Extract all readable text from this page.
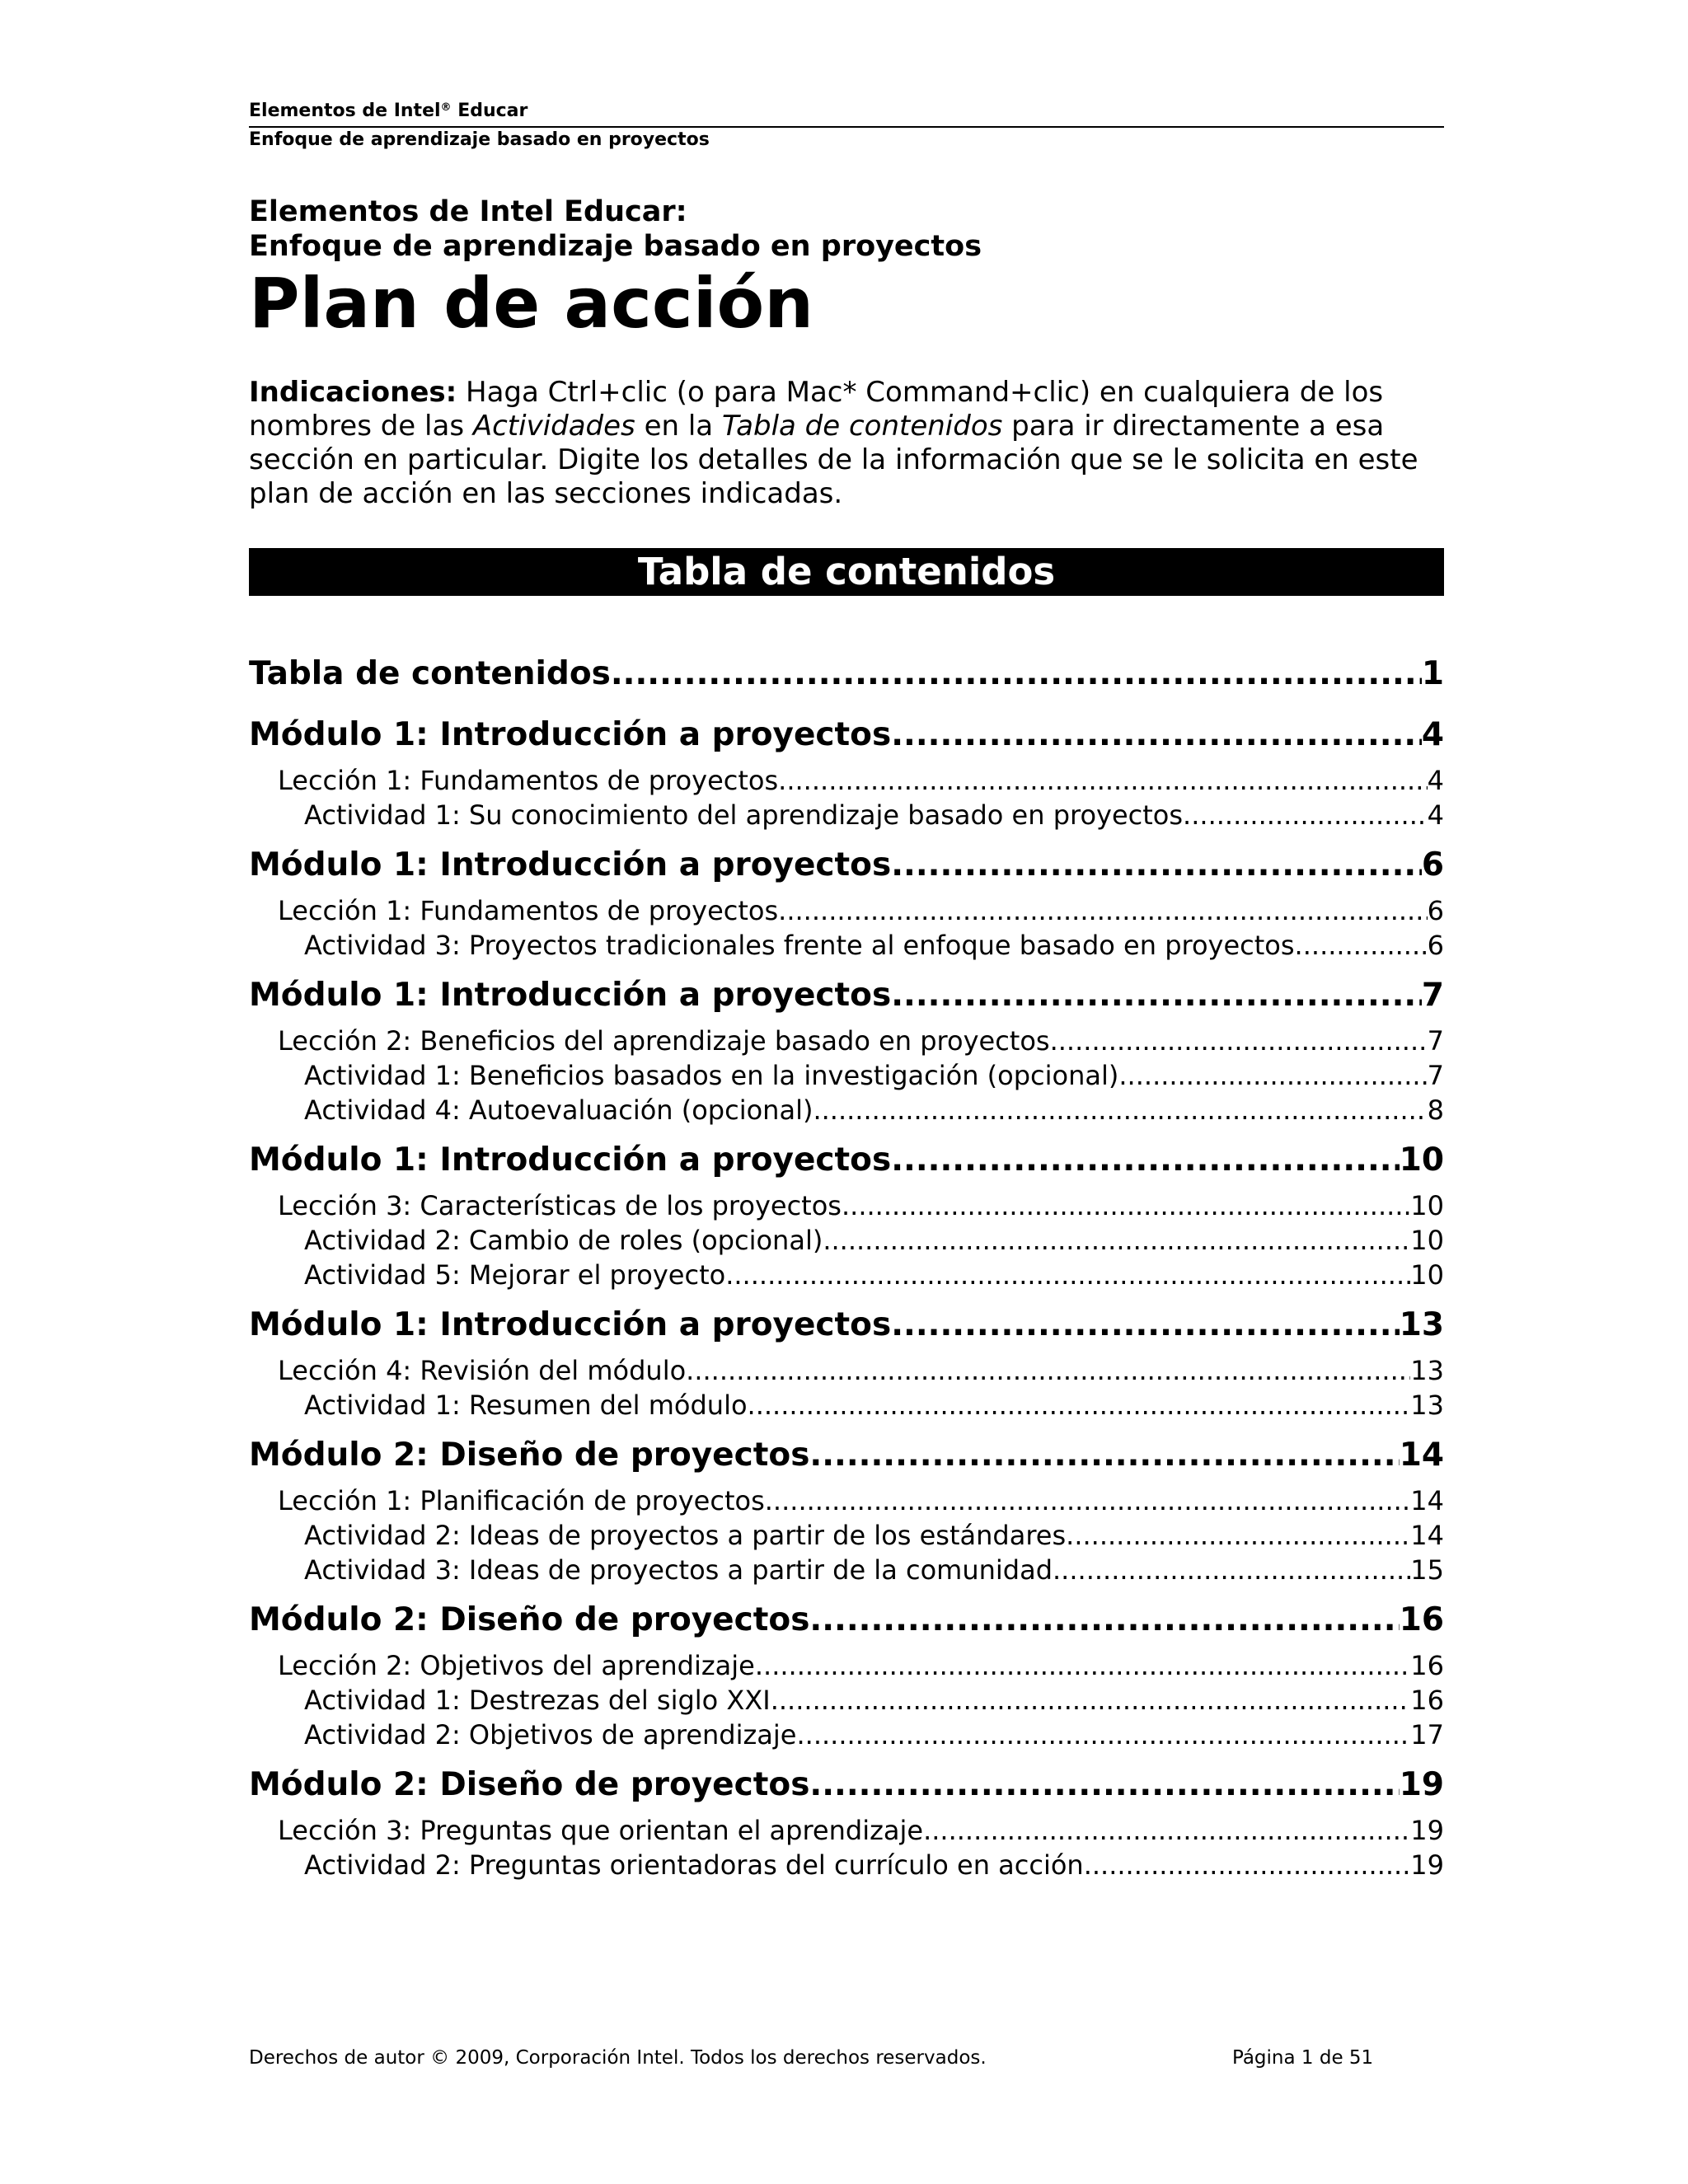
Elementos de Intel® Educar
Enfoque de aprendizaje basado en proyectos
Elementos de Intel Educar:
Enfoque de aprendizaje basado en proyectos
Plan de acción
Indicaciones: Haga Ctrl+clic (o para Mac* Command+clic) en cualquiera de los nombres de las Actividades en la Tabla de contenidos para ir directamente a esa sección en particular. Digite los detalles de la información que se le solicita en este plan de acción en las secciones indicadas.
Tabla de contenidos
Tabla de contenidos .....	1
Módulo 1: Introducción a proyectos .....	4
Lección 1: Fundamentos de proyectos .....	4
Actividad 1: Su conocimiento del aprendizaje basado en proyectos .....	4
Módulo 1: Introducción a proyectos .....	6
Lección 1: Fundamentos de proyectos .....	6
Actividad 3: Proyectos tradicionales frente al enfoque basado en proyectos .....	6
Módulo 1: Introducción a proyectos .....	7
Lección 2: Beneficios del aprendizaje basado en proyectos .....	7
Actividad 1: Beneficios basados en la investigación (opcional) .....	7
Actividad 4: Autoevaluación (opcional) .....	8
Módulo 1: Introducción a proyectos .....	10
Lección 3: Características de los proyectos .....	10
Actividad 2: Cambio de roles (opcional) .....	10
Actividad 5: Mejorar el proyecto .....	10
Módulo 1: Introducción a proyectos .....	13
Lección 4: Revisión del módulo .....	13
Actividad 1: Resumen del módulo .....	13
Módulo 2: Diseño de proyectos .....	14
Lección 1: Planificación de proyectos .....	14
Actividad 2: Ideas de proyectos a partir de los estándares .....	14
Actividad 3: Ideas de proyectos a partir de la comunidad .....	15
Módulo 2: Diseño de proyectos .....	16
Lección 2: Objetivos del aprendizaje .....	16
Actividad 1: Destrezas del siglo XXI .....	16
Actividad 2: Objetivos de aprendizaje .....	17
Módulo 2: Diseño de proyectos .....	19
Lección 3: Preguntas que orientan el aprendizaje .....	19
Actividad 2: Preguntas orientadoras del currículo en acción .....	19
Derechos de autor © 2009, Corporación Intel. Todos los derechos reservados.	Página 1 de 51
